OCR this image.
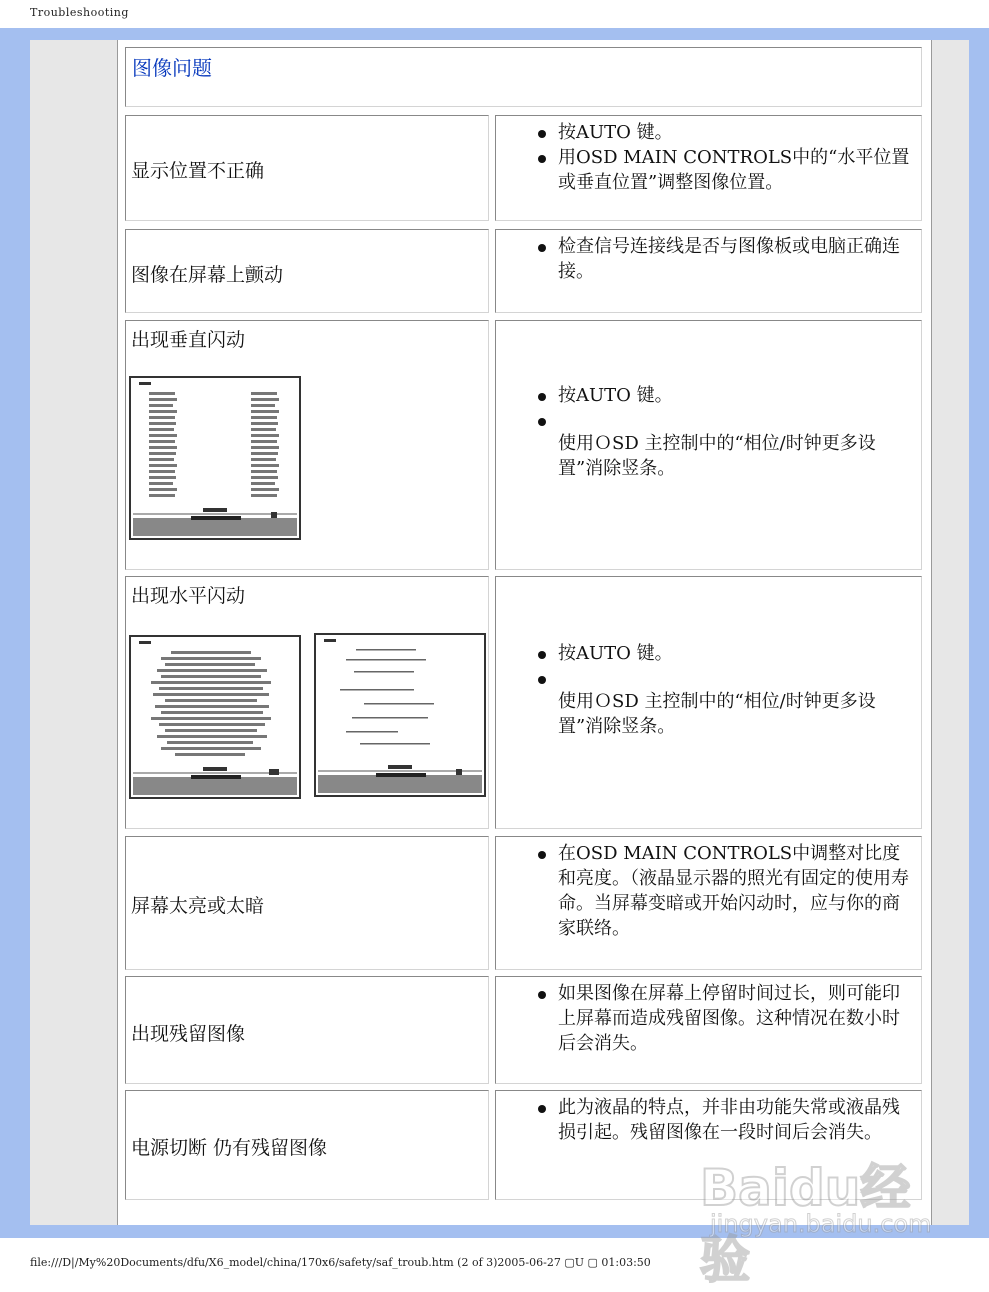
Troubleshooting
图像问题
显示位置不正确
按AUTO 键。
用OSD MAIN CONTROLS中的“水平位置或垂直位置”调整图像位置。
图像在屏幕上颤动
检查信号连接线是否与图像板或电脑正确连接。
出现垂直闪动
按AUTO 键。
使用ＯSD 主控制中的“相位/时钟更多设置”消除竖条。
出现水平闪动
按AUTO 键。
使用ＯSD 主控制中的“相位/时钟更多设置”消除竖条。
屏幕太亮或太暗
在OSD MAIN CONTROLS中调整对比度和亮度。（液晶显示器的照光有固定的使用寿命。当屏幕变暗或开始闪动时，应与你的商家联络。
出现残留图像
如果图像在屏幕上停留时间过长，则可能印上屏幕而造成残留图像。这种情况在数小时后会消失。
电源切断 仍有残留图像
此为液晶的特点，并非由功能失常或液晶残损引起。残留图像在一段时间后会消失。
Baidu经验
jingyan.baidu.com
file:///D|/My%20Documents/dfu/X6_model/china/170x6/safety/saf_troub.htm (2 of 3)2005-06-27 ▢U ▢ 01:03:50
